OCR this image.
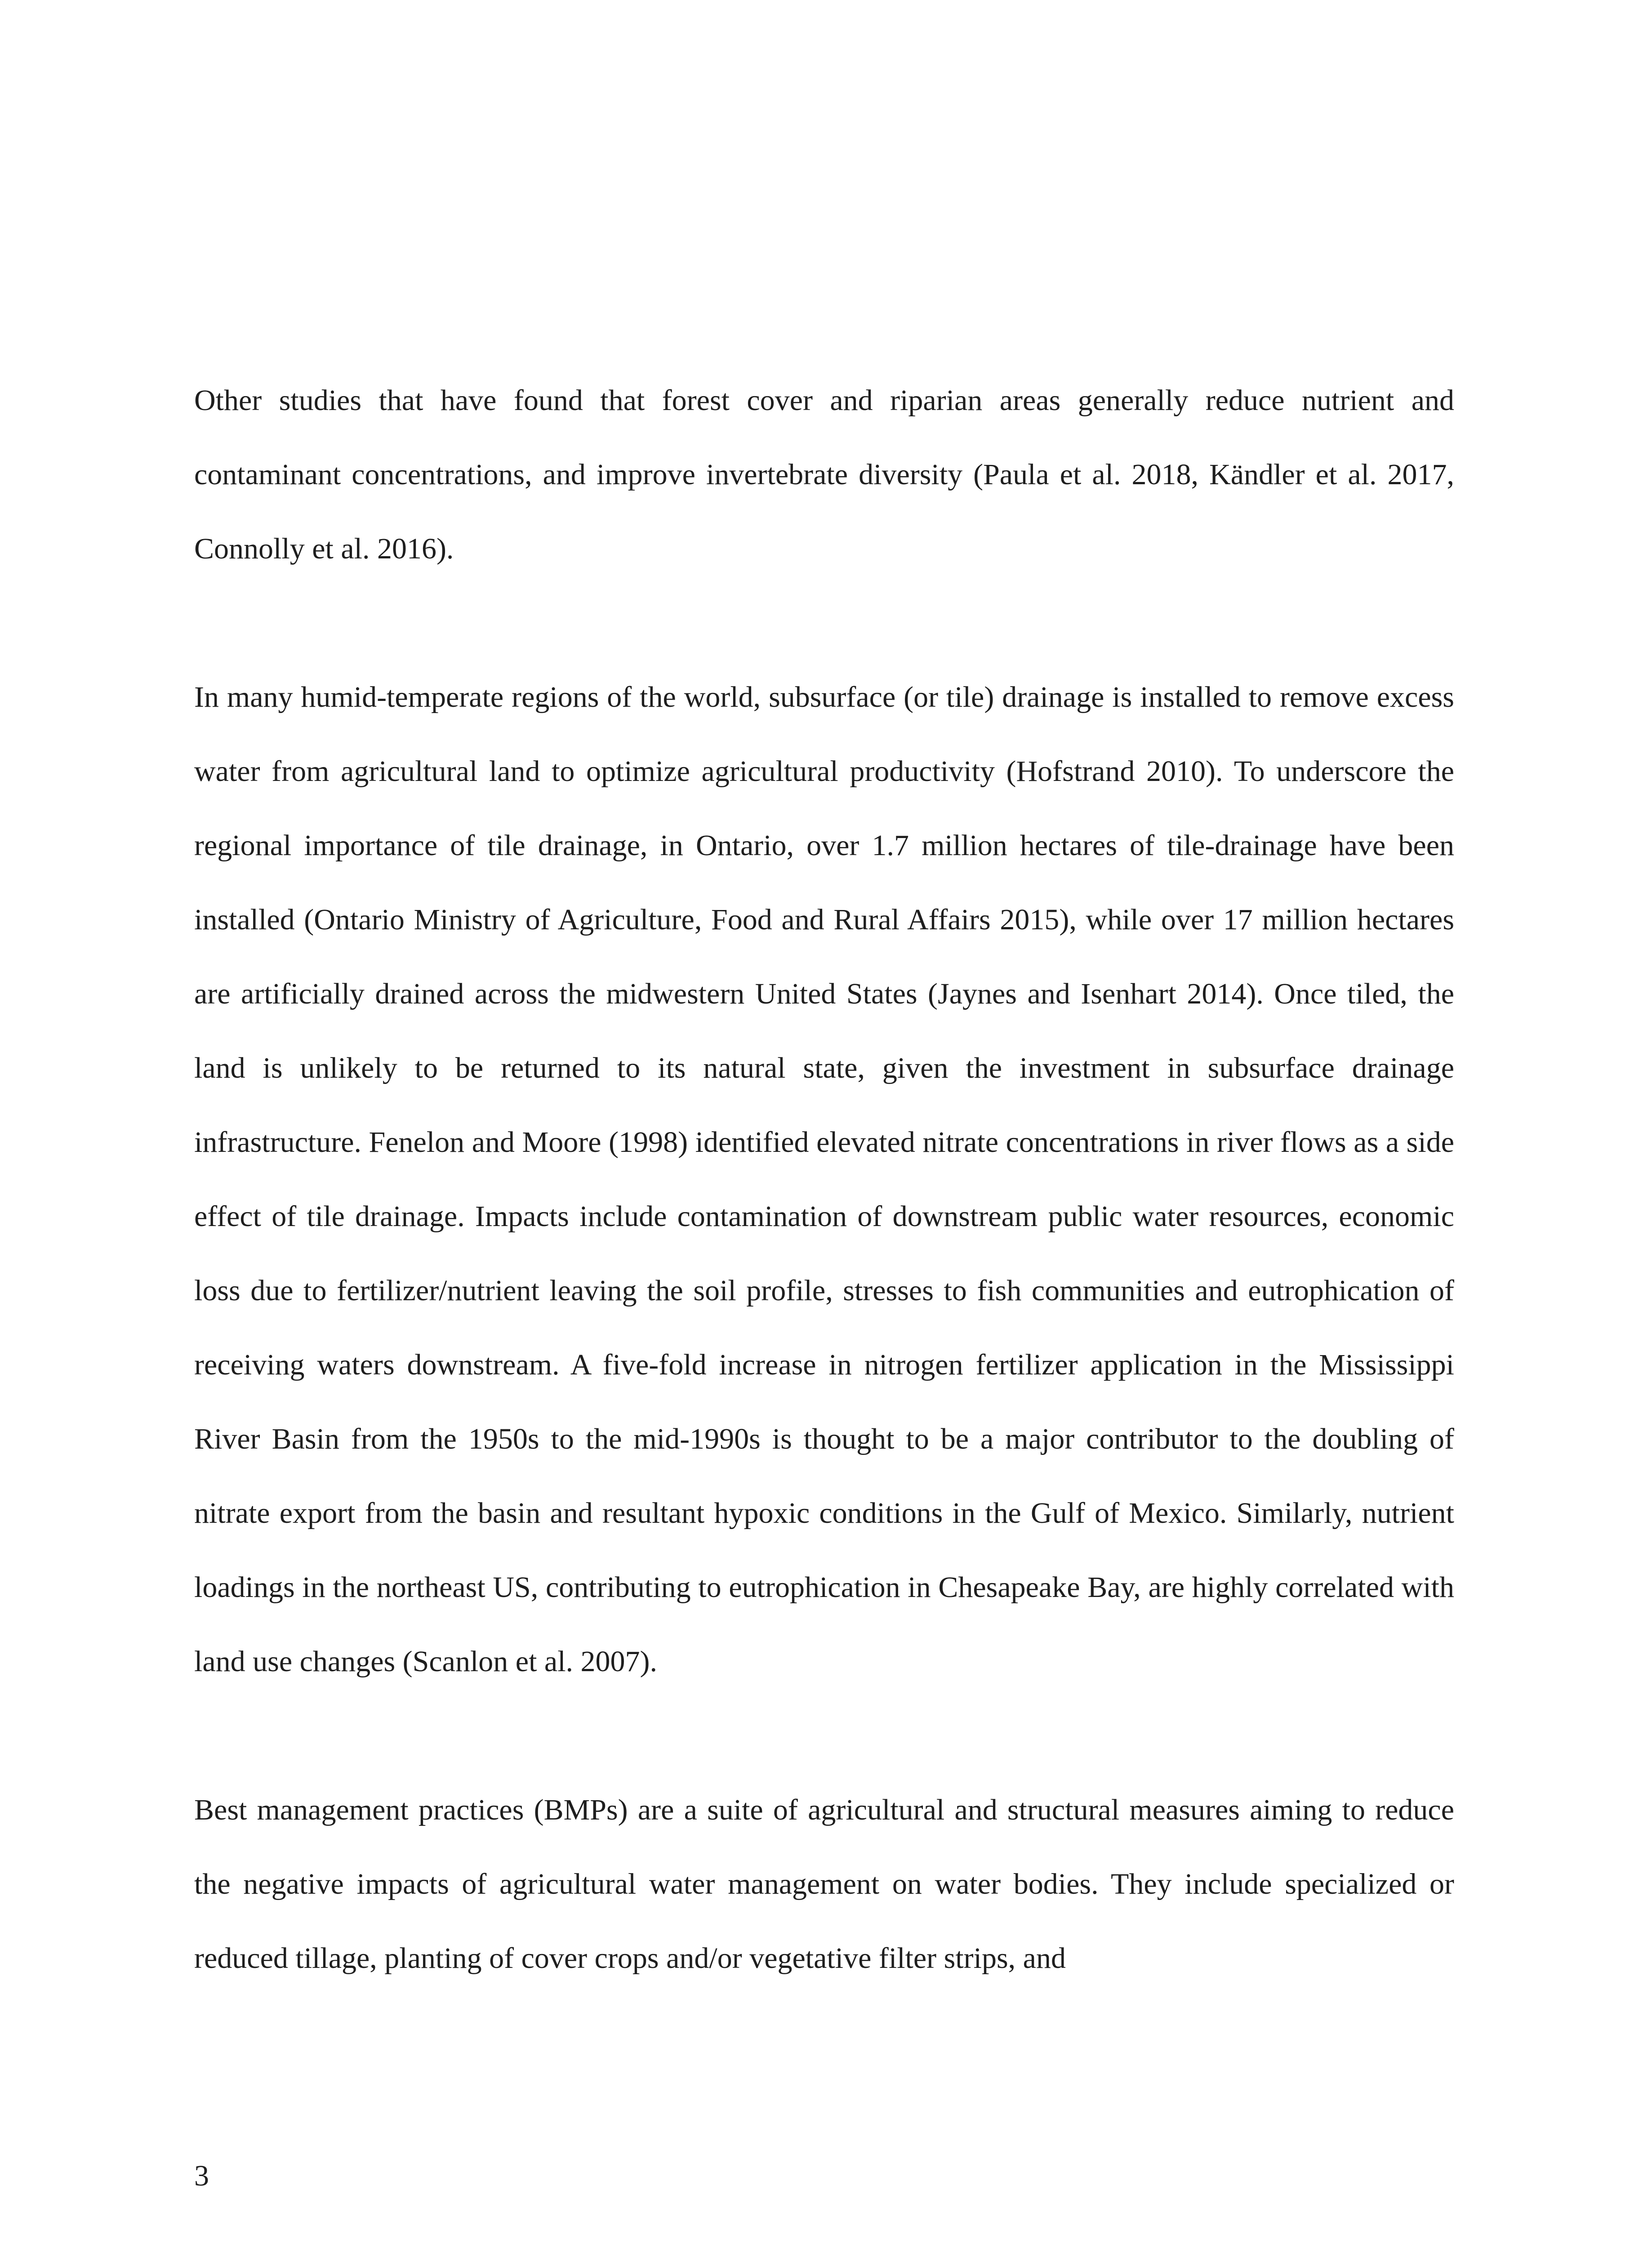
Other studies that have found that forest cover and riparian areas generally reduce nutrient and contaminant concentrations, and improve invertebrate diversity (Paula et al. 2018, Kändler et al. 2017, Connolly et al. 2016).

In many humid-temperate regions of the world, subsurface (or tile) drainage is installed to remove excess water from agricultural land to optimize agricultural productivity (Hofstrand 2010). To underscore the regional importance of tile drainage, in Ontario, over 1.7 million hectares of tile-drainage have been installed (Ontario Ministry of Agriculture, Food and Rural Affairs 2015), while over 17 million hectares are artificially drained across the midwestern United States (Jaynes and Isenhart 2014). Once tiled, the land is unlikely to be returned to its natural state, given the investment in subsurface drainage infrastructure. Fenelon and Moore (1998) identified elevated nitrate concentrations in river flows as a side effect of tile drainage. Impacts include contamination of downstream public water resources, economic loss due to fertilizer/nutrient leaving the soil profile, stresses to fish communities and eutrophication of receiving waters downstream. A five-fold increase in nitrogen fertilizer application in the Mississippi River Basin from the 1950s to the mid-1990s is thought to be a major contributor to the doubling of nitrate export from the basin and resultant hypoxic conditions in the Gulf of Mexico. Similarly, nutrient loadings in the northeast US, contributing to eutrophication in Chesapeake Bay, are highly correlated with land use changes (Scanlon et al. 2007).

Best management practices (BMPs) are a suite of agricultural and structural measures aiming to reduce the negative impacts of agricultural water management on water bodies. They include specialized or reduced tillage, planting of cover crops and/or vegetative filter strips, and

3
